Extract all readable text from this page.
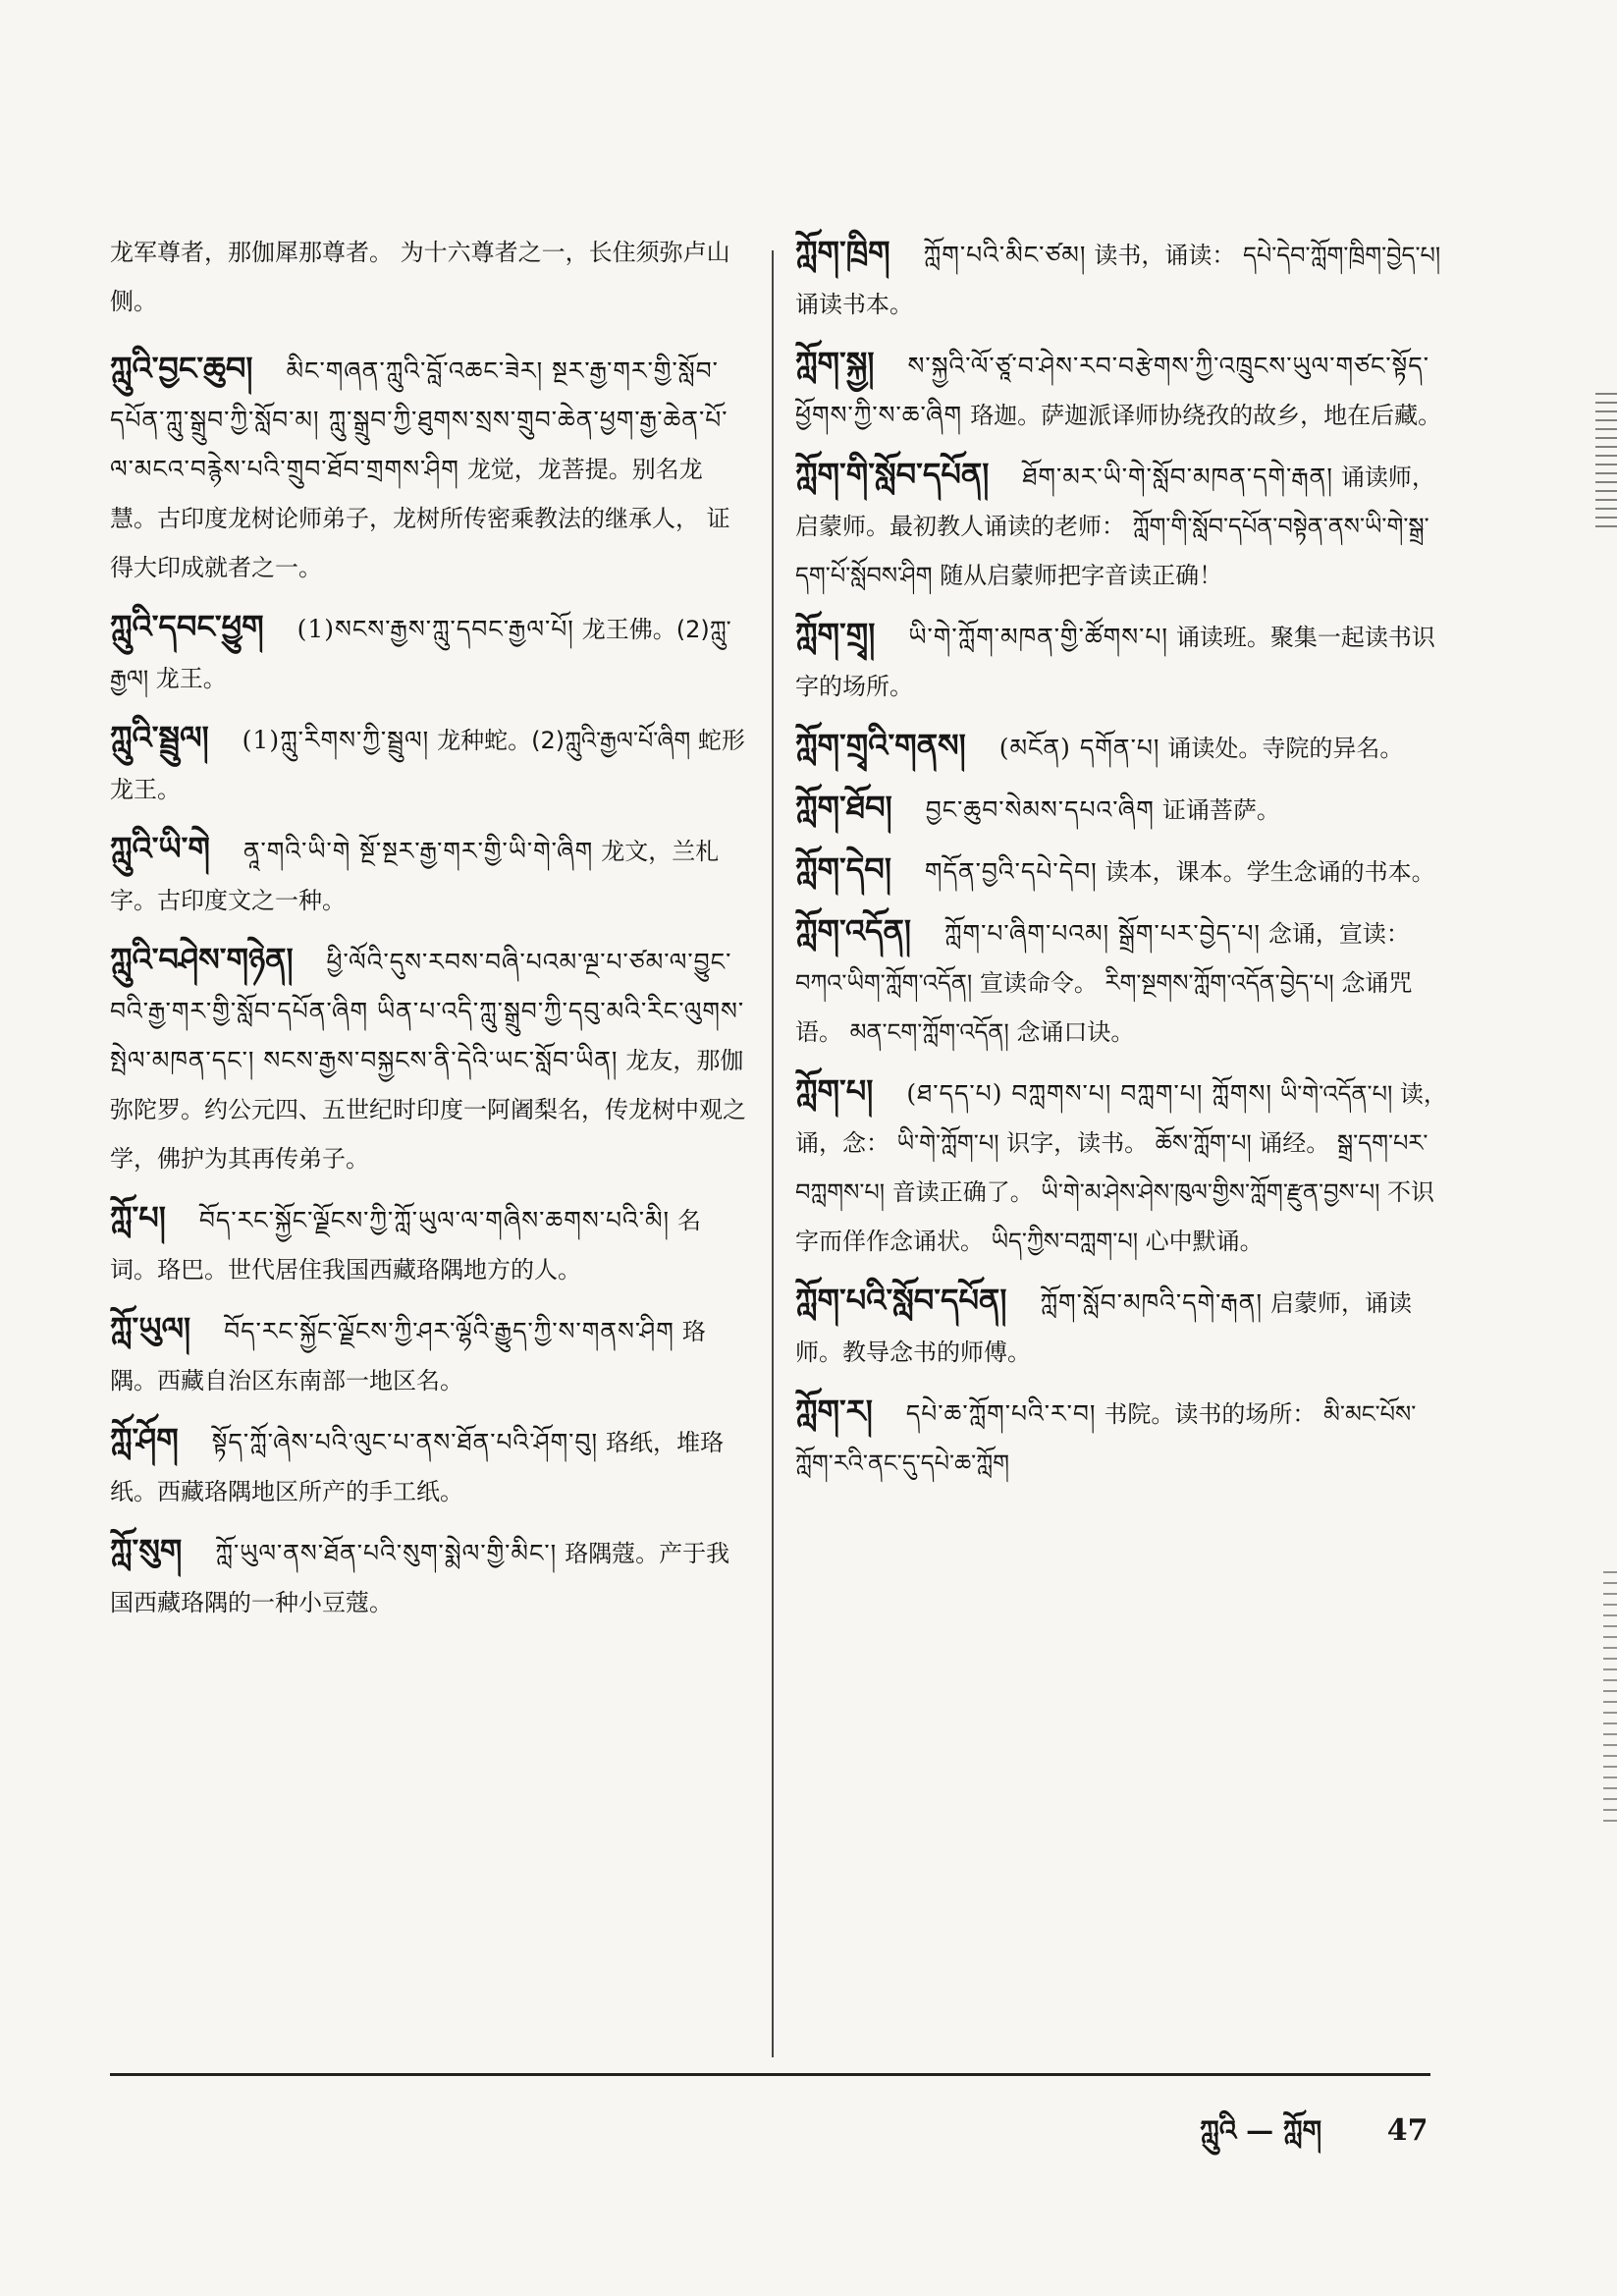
龙军尊者，那伽犀那尊者。 为十六尊者之一，长住须弥卢山侧。
ཀླུའི་བྱང་ཆུབ། མིང་གཞན་ཀླུའི་བློ་འཆང་ཟེར། སྔར་རྒྱ་གར་གྱི་སློབ་དཔོན་ཀླུ་སྒྲུབ་ཀྱི་སློབ་མ། ཀླུ་སྒྲུབ་ཀྱི་ཐུགས་སྲས་གྲུབ་ཆེན་ཕྱག་རྒྱ་ཆེན་པོ་ལ་མངའ་བརྙེས་པའི་གྲུབ་ཐོབ་གྲགས་ཤིག 龙觉，龙菩提。别名龙慧。古印度龙树论师弟子，龙树所传密乘教法的继承人， 证得大印成就者之一。
ཀླུའི་དབང་ཕྱུག (1)སངས་རྒྱས་ཀླུ་དབང་རྒྱལ་པོ། 龙王佛。(2)ཀླུ་རྒྱལ། 龙王。
ཀླུའི་སྦྲུལ། (1)ཀླུ་རིགས་ཀྱི་སྦྲུལ། 龙种蛇。(2)ཀླུའི་རྒྱལ་པོ་ཞིག 蛇形龙王。
ཀླུའི་ཡི་གེ ནཱ་གའི་ཡི་གེ སྔོ་སྔར་རྒྱ་གར་གྱི་ཡི་གེ་ཞིག 龙文，兰札字。古印度文之一种。
ཀླུའི་བཤེས་གཉེན། ཕྱི་ལོའི་དུས་རབས་བཞི་པའམ་ལྔ་པ་ཙམ་ལ་བྱུང་བའི་རྒྱ་གར་གྱི་སློབ་དཔོན་ཞིག ཡིན་པ་འདི་ཀླུ་སྒྲུབ་ཀྱི་དབུ་མའི་རིང་ལུགས་སྤེལ་མཁན་དང་། སངས་རྒྱས་བསྐྱངས་ནི་དེའི་ཡང་སློབ་ཡིན། 龙友，那伽弥陀罗。约公元四、五世纪时印度一阿阇梨名，传龙树中观之学，佛护为其再传弟子。
ཀློ་པ། བོད་རང་སྐྱོང་ལྗོངས་ཀྱི་ཀློ་ཡུལ་ལ་གཞིས་ཆགས་པའི་མི། 名词。珞巴。世代居住我国西藏珞隅地方的人。
ཀློ་ཡུལ། བོད་རང་སྐྱོང་ལྗོངས་ཀྱི་ཤར་ལྷོའི་རྒྱུད་ཀྱི་ས་གནས་ཤིག 珞隅。西藏自治区东南部一地区名。
ཀློ་ཤོག སྟོད་ཀློ་ཞེས་པའི་ལུང་པ་ནས་ཐོན་པའི་ཤོག་བུ། 珞纸，堆珞纸。西藏珞隅地区所产的手工纸。
ཀློ་སུག ཀློ་ཡུལ་ནས་ཐོན་པའི་སུག་སྨེལ་གྱི་མིང་། 珞隅蔻。产于我国西藏珞隅的一种小豆蔻。
ཀློག་ཁྲིག ཀློག་པའི་མིང་ཙམ། 读书，诵读： དཔེ་དེབ་ཀློག་ཁྲིག་བྱེད་པ། 诵读书本。
ཀློག་སྐྱ། ས་སྐྱའི་ལོ་ཙཱ་བ་ཤེས་རབ་བརྩེགས་ཀྱི་འཁྲུངས་ཡུལ་གཙང་སྟོད་ཕྱོགས་ཀྱི་ས་ཆ་ཞིག 珞迦。萨迦派译师协绕孜的故乡，地在后藏。
ཀློག་གི་སློབ་དཔོན། ཐོག་མར་ཡི་གེ་སློབ་མཁན་དགེ་རྒན། 诵读师，启蒙师。最初教人诵读的老师： ཀློག་གི་སློབ་དཔོན་བསྟེན་ནས་ཡི་གེ་སྒྲ་དག་པོ་སློབས་ཤིག 随从启蒙师把字音读正确！
ཀློག་གྲྭ། ཡི་གེ་ཀློག་མཁན་གྱི་ཚོགས་པ། 诵读班。聚集一起读书识字的场所。
ཀློག་གྲྭའི་གནས། (མངོན) དགོན་པ། 诵读处。寺院的异名。
ཀློག་ཐོབ། བྱང་ཆུབ་སེམས་དཔའ་ཞིག 证诵菩萨。
ཀློག་དེབ། གདོན་བྱའི་དཔེ་དེབ། 读本，课本。学生念诵的书本。
ཀློག་འདོན། ཀློག་པ་ཞིག་པའམ། སྒྲོག་པར་བྱེད་པ། 念诵，宣读： བཀའ་ཡིག་ཀློག་འདོན། 宣读命令。 རིག་སྔགས་ཀློག་འདོན་བྱེད་པ། 念诵咒语。 མན་ངག་ཀློག་འདོན། 念诵口诀。
ཀློག་པ། (ཐ་དད་པ) བཀླགས་པ། བཀླག་པ། ཀློགས། ཡི་གེ་འདོན་པ། 读，诵，念： ཡི་གེ་ཀློག་པ། 识字，读书。 ཆོས་ཀློག་པ། 诵经。 སྒྲ་དག་པར་བཀླགས་པ། 音读正确了。 ཡི་གེ་མ་ཤེས་ཤེས་ཁུལ་གྱིས་ཀློག་རྫུན་བྱས་པ། 不识字而佯作念诵状。 ཡིད་ཀྱིས་བཀླག་པ། 心中默诵。
ཀློག་པའི་སློབ་དཔོན། ཀློག་སློབ་མཁའི་དགེ་རྒན། 启蒙师，诵读师。教导念书的师傅。
ཀློག་ར། དཔེ་ཆ་ཀློག་པའི་ར་བ། 书院。读书的场所： མི་མང་པོས་ཀློག་རའི་ནང་དུ་དཔེ་ཆ་ཀློག
ཀླུའི — ཀློག 47
